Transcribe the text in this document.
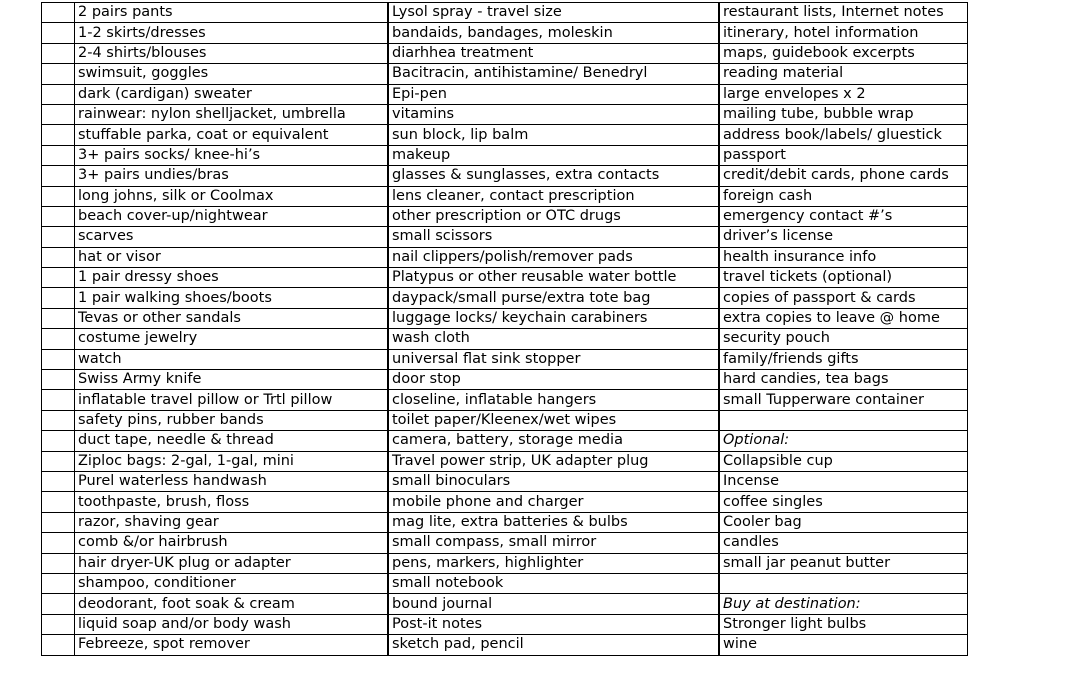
	2 pairs pants		Lysol spray - travel size		restaurant lists, Internet notes
	1-2 skirts/dresses		bandaids, bandages, moleskin		itinerary, hotel information
	2-4 shirts/blouses		diarhhea treatment		maps, guidebook excerpts
	swimsuit, goggles		Bacitracin, antihistamine/ Benedryl		reading material
	dark (cardigan) sweater		Epi-pen		large envelopes x 2
	rainwear: nylon shelljacket, umbrella		vitamins		mailing tube, bubble wrap
	stuffable parka, coat or equivalent		sun block, lip balm		address book/labels/ gluestick
	3+ pairs socks/ knee-hi’s		makeup		passport
	3+ pairs undies/bras		glasses & sunglasses, extra contacts		credit/debit cards, phone cards
	long johns, silk or Coolmax		lens cleaner, contact prescription		foreign cash
	beach cover-up/nightwear		other prescription or OTC drugs		emergency contact #’s
	scarves		small scissors		driver’s license
	hat or visor		nail clippers/polish/remover pads		health insurance info
	1 pair dressy shoes		Platypus or other reusable water bottle		travel tickets (optional)
	1 pair walking shoes/boots		daypack/small purse/extra tote bag		copies of passport & cards
	Tevas or other sandals		luggage locks/ keychain carabiners		extra copies to leave @ home
	costume jewelry		wash cloth		security pouch
	watch		universal flat sink stopper		family/friends gifts
	Swiss Army knife		door stop		hard candies, tea bags
	inflatable travel pillow or Trtl pillow		closeline, inflatable hangers		small Tupperware container
	safety pins, rubber bands		toilet paper/Kleenex/wet wipes		
	duct tape, needle & thread		camera, battery, storage media		Optional:
	Ziploc bags: 2-gal, 1-gal, mini		Travel power strip, UK adapter plug		Collapsible cup
	Purel waterless handwash		small binoculars		Incense
	toothpaste, brush, floss		mobile phone and charger		coffee singles
	razor, shaving gear		mag lite, extra batteries & bulbs		Cooler bag
	comb &/or hairbrush		small compass, small mirror		candles
	hair dryer-UK plug or adapter		pens, markers, highlighter		small jar peanut butter
	shampoo, conditioner		small notebook		
	deodorant, foot soak & cream		bound journal		Buy at destination:
	liquid soap and/or body wash		Post-it notes		Stronger light bulbs
	Febreeze, spot remover		sketch pad, pencil		wine
